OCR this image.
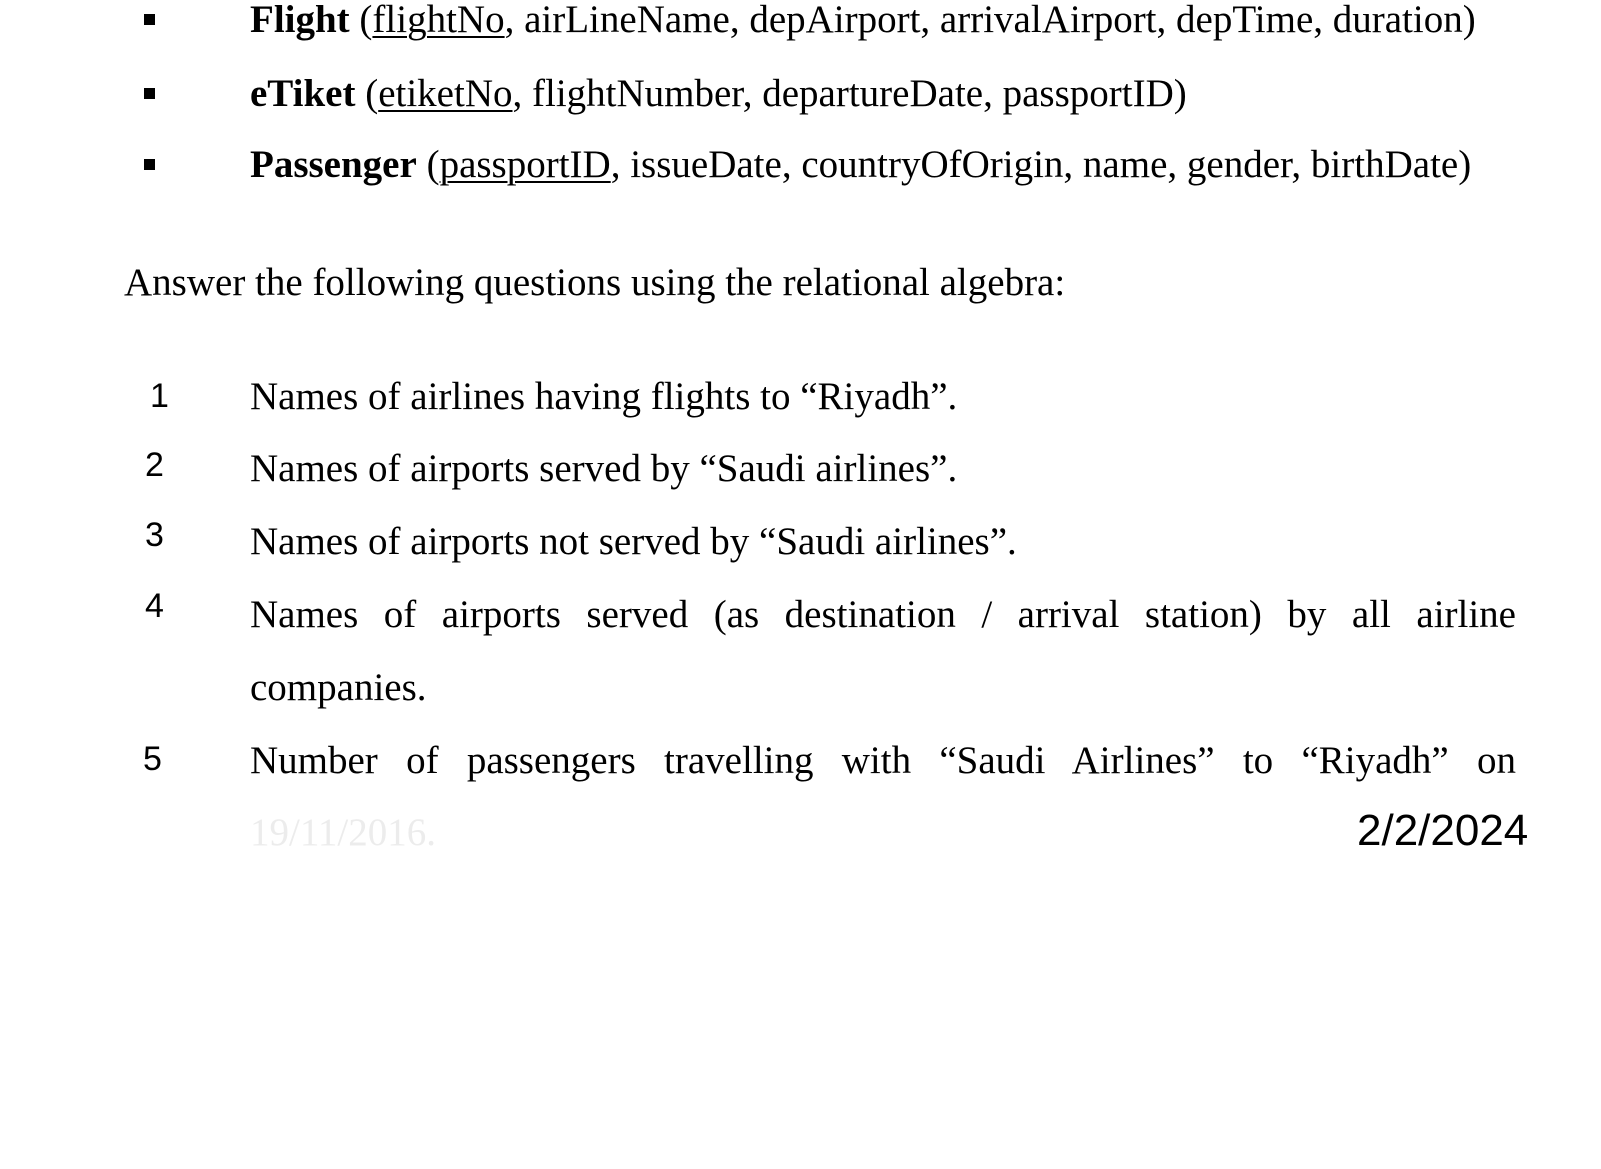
Flight (flightNo, airLineName, depAirport, arrivalAirport, depTime, duration)
eTiket (etiketNo, flightNumber, departureDate, passportID)
Passenger (passportID, issueDate, countryOfOrigin, name, gender, birthDate)
Answer the following questions using the relational algebra:
1 Names of airlines having flights to “Riyadh”.
2 Names of airports served by “Saudi airlines”.
3 Names of airports not served by “Saudi airlines”.
4 Names of airports served (as destination / arrival station) by all airline
companies.
5 Number of passengers travelling with “Saudi Airlines” to “Riyadh” on
19/11/2016.	2/2/2024
